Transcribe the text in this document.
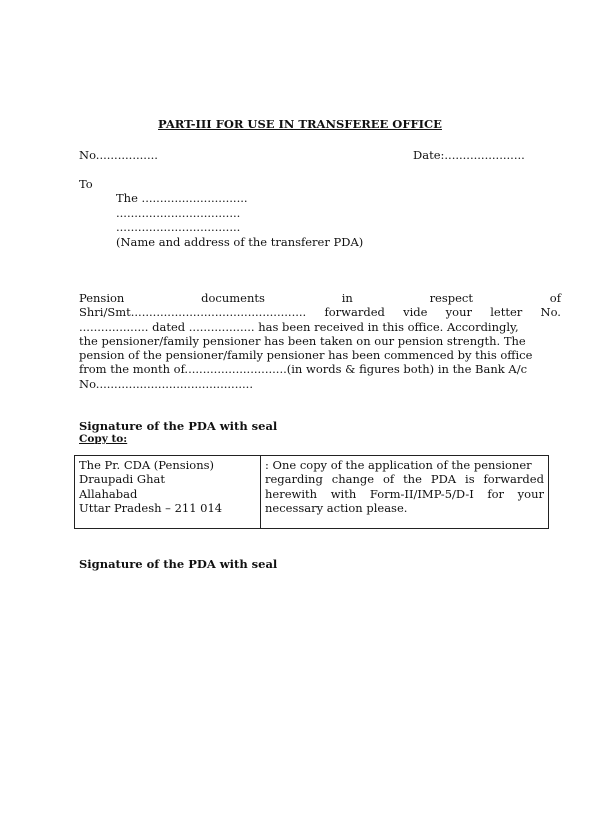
PART-III FOR USE IN TRANSFEREE OFFICE
No.................	Date:......................
To
The .............................
..................................
..................................
(Name and address of the transferer PDA)
Pension	documents	in	respect	of
Shri/Smt................................................ forwarded vide your letter No.
................... dated .................. has been received in this office. Accordingly,
the pensioner/family pensioner has been taken on our pension strength. The
pension of the pensioner/family pensioner has been commenced by this office
from the month of............................(in words & figures both) in the Bank A/c
No...........................................
Signature of the PDA with seal
Copy to:
The Pr. CDA (Pensions)
Draupadi Ghat
Allahabad
Uttar Pradesh – 211 014

: One copy of the application of the pensioner
regarding change of the PDA is forwarded
herewith with Form-II/IMP-5/D-I for your
necessary action please.
Signature of the PDA with seal
